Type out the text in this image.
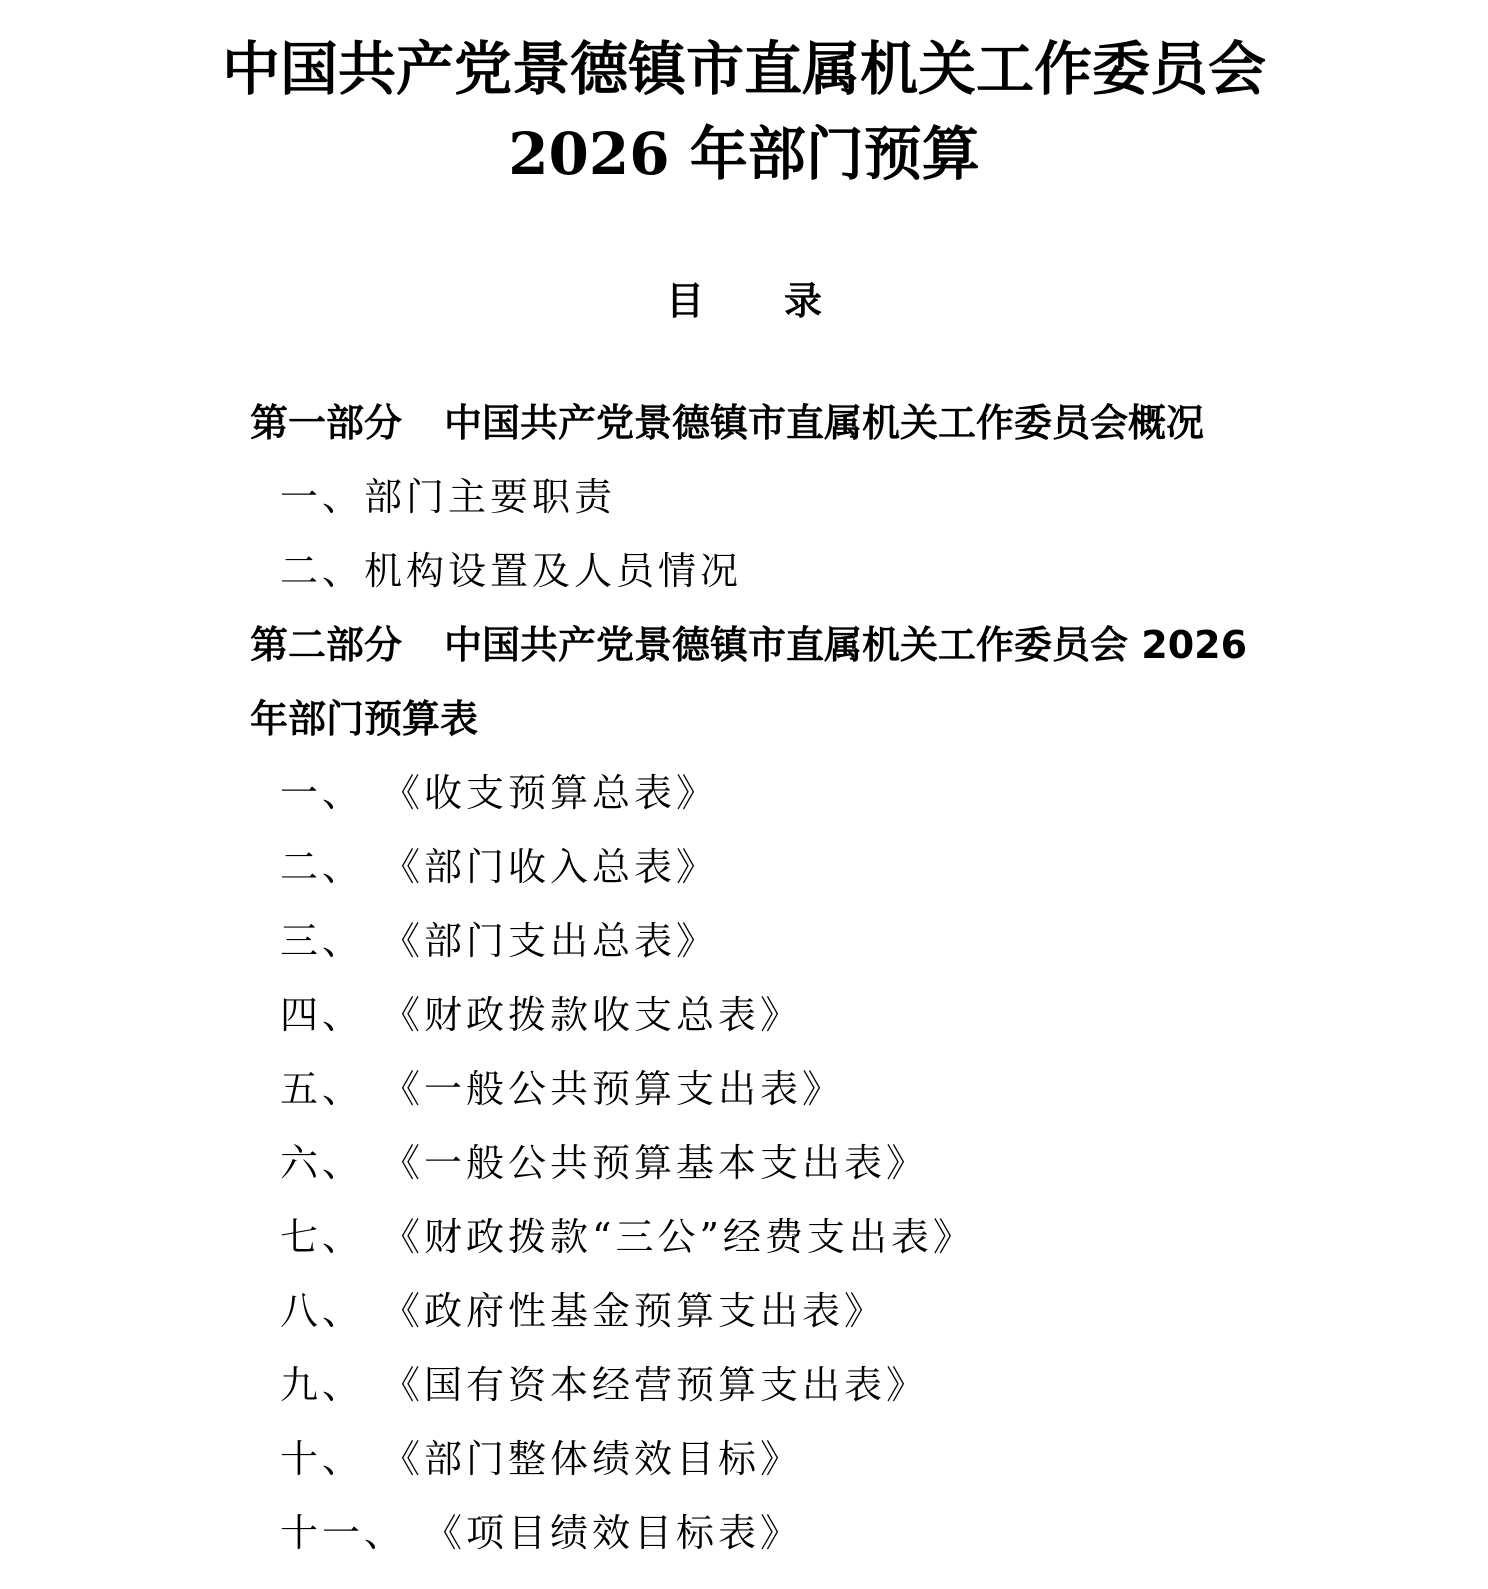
中国共产党景德镇市直属机关工作委员会
2026 年部门预算
目录
第一部分 中国共产党景德镇市直属机关工作委员会概况
一、部门主要职责
二、机构设置及人员情况
第二部分 中国共产党景德镇市直属机关工作委员会 2026
年部门预算表
一、 《收支预算总表》
二、 《部门收入总表》
三、 《部门支出总表》
四、 《财政拨款收支总表》
五、 《一般公共预算支出表》
六、 《一般公共预算基本支出表》
七、 《财政拨款“三公”经费支出表》
八、 《政府性基金预算支出表》
九、 《国有资本经营预算支出表》
十、 《部门整体绩效目标》
十一、 《项目绩效目标表》
